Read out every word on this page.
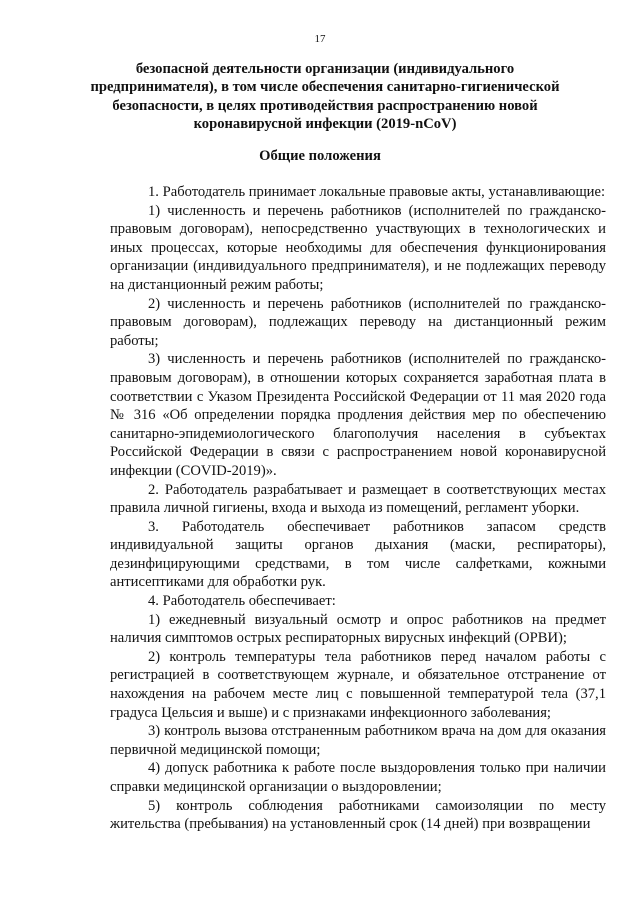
17
безопасной деятельности организации (индивидуального предпринимателя), в том числе обеспечения санитарно-гигиенической безопасности, в целях противодействия распространению новой коронавирусной инфекции (2019-nCoV)
Общие положения

1. Работодатель принимает локальные правовые акты, устанавливающие:

1) численность и перечень работников (исполнителей по гражданско-правовым договорам), непосредственно участвующих в технологических и иных процессах, которые необходимы для обеспечения функционирования организации (индивидуального предпринимателя), и не подлежащих переводу на дистанционный режим работы;

2) численность и перечень работников (исполнителей по гражданско-правовым договорам), подлежащих переводу на дистанционный режим работы;

3) численность и перечень работников (исполнителей по гражданско-правовым договорам), в отношении которых сохраняется заработная плата в соответствии с Указом Президента Российской Федерации от 11 мая 2020 года № 316 «Об определении порядка продления действия мер по обеспечению санитарно-эпидемиологического благополучия населения в субъектах Российской Федерации в связи с распространением новой коронавирусной инфекции (COVID-2019)».

2. Работодатель разрабатывает и размещает в соответствующих местах правила личной гигиены, входа и выхода из помещений, регламент уборки.

3. Работодатель обеспечивает работников запасом средств индивидуальной защиты органов дыхания (маски, респираторы), дезинфицирующими средствами, в том числе салфетками, кожными антисептиками для обработки рук.

4. Работодатель обеспечивает:

1) ежедневный визуальный осмотр и опрос работников на предмет наличия симптомов острых респираторных вирусных инфекций (ОРВИ);

2) контроль температуры тела работников перед началом работы с регистрацией в соответствующем журнале, и обязательное отстранение от нахождения на рабочем месте лиц с повышенной температурой тела (37,1 градуса Цельсия и выше) и с признаками инфекционного заболевания;

3) контроль вызова отстраненным работником врача на дом для оказания первичной медицинской помощи;

4) допуск работника к работе после выздоровления только при наличии справки медицинской организации о выздоровлении;

5) контроль соблюдения работниками самоизоляции по месту жительства (пребывания) на установленный срок (14 дней) при возвращении
